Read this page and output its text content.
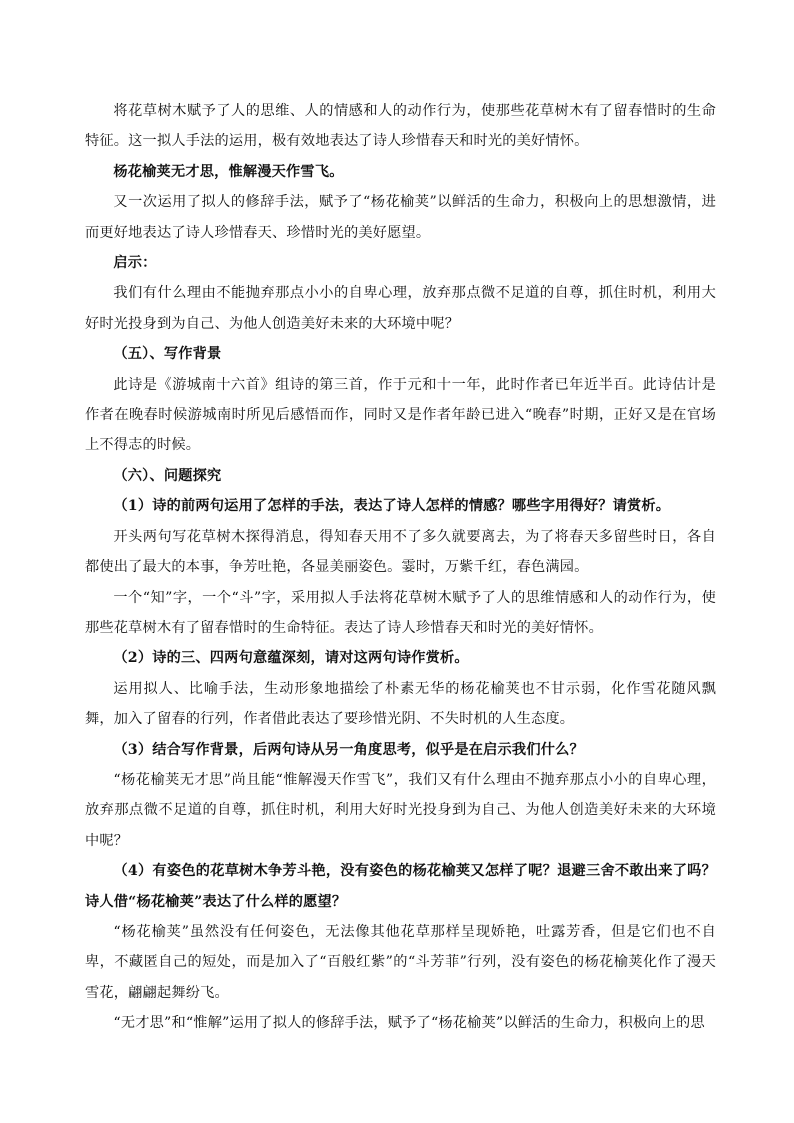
将花草树木赋予了人的思维、人的情感和人的动作行为，使那些花草树木有了留春惜时的生命特征。这一拟人手法的运用，极有效地表达了诗人珍惜春天和时光的美好情怀。

杨花榆荚无才思，惟解漫天作雪飞。

又一次运用了拟人的修辞手法，赋予了“杨花榆荚”以鲜活的生命力，积极向上的思想激情，进而更好地表达了诗人珍惜春天、珍惜时光的美好愿望。

启示：

我们有什么理由不能抛弃那点小小的自卑心理，放弃那点微不足道的自尊，抓住时机，利用大好时光投身到为自己、为他人创造美好未来的大环境中呢？

（五）、写作背景

此诗是《游城南十六首》组诗的第三首，作于元和十一年，此时作者已年近半百。此诗估计是作者在晚春时候游城南时所见后感悟而作，同时又是作者年龄已进入“晚春”时期，正好又是在官场上不得志的时候。

（六）、问题探究

（1）诗的前两句运用了怎样的手法，表达了诗人怎样的情感？哪些字用得好？请赏析。

开头两句写花草树木探得消息，得知春天用不了多久就要离去，为了将春天多留些时日，各自都使出了最大的本事，争芳吐艳，各显美丽姿色。霎时，万紫千红，春色满园。

一个“知”字，一个“斗”字，采用拟人手法将花草树木赋予了人的思维情感和人的动作行为，使那些花草树木有了留春惜时的生命特征。表达了诗人珍惜春天和时光的美好情怀。

（2）诗的三、四两句意蕴深刻，请对这两句诗作赏析。

运用拟人、比喻手法，生动形象地描绘了朴素无华的杨花榆荚也不甘示弱，化作雪花随风飘舞，加入了留春的行列，作者借此表达了要珍惜光阴、不失时机的人生态度。

（3）结合写作背景，后两句诗从另一角度思考，似乎是在启示我们什么？

“杨花榆荚无才思”尚且能“惟解漫天作雪飞”，我们又有什么理由不抛弃那点小小的自卑心理，放弃那点微不足道的自尊，抓住时机，利用大好时光投身到为自己、为他人创造美好未来的大环境中呢？

（4）有姿色的花草树木争芳斗艳，没有姿色的杨花榆荚又怎样了呢？退避三舍不敢出来了吗？诗人借“杨花榆荚”表达了什么样的愿望？

“杨花榆荚”虽然没有任何姿色，无法像其他花草那样呈现娇艳，吐露芳香，但是它们也不自卑，不藏匿自己的短处，而是加入了“百般红紫”的“斗芳菲”行列，没有姿色的杨花榆荚化作了漫天雪花，翩翩起舞纷飞。

“无才思”和“惟解”运用了拟人的修辞手法，赋予了“杨花榆荚”以鲜活的生命力，积极向上的思
